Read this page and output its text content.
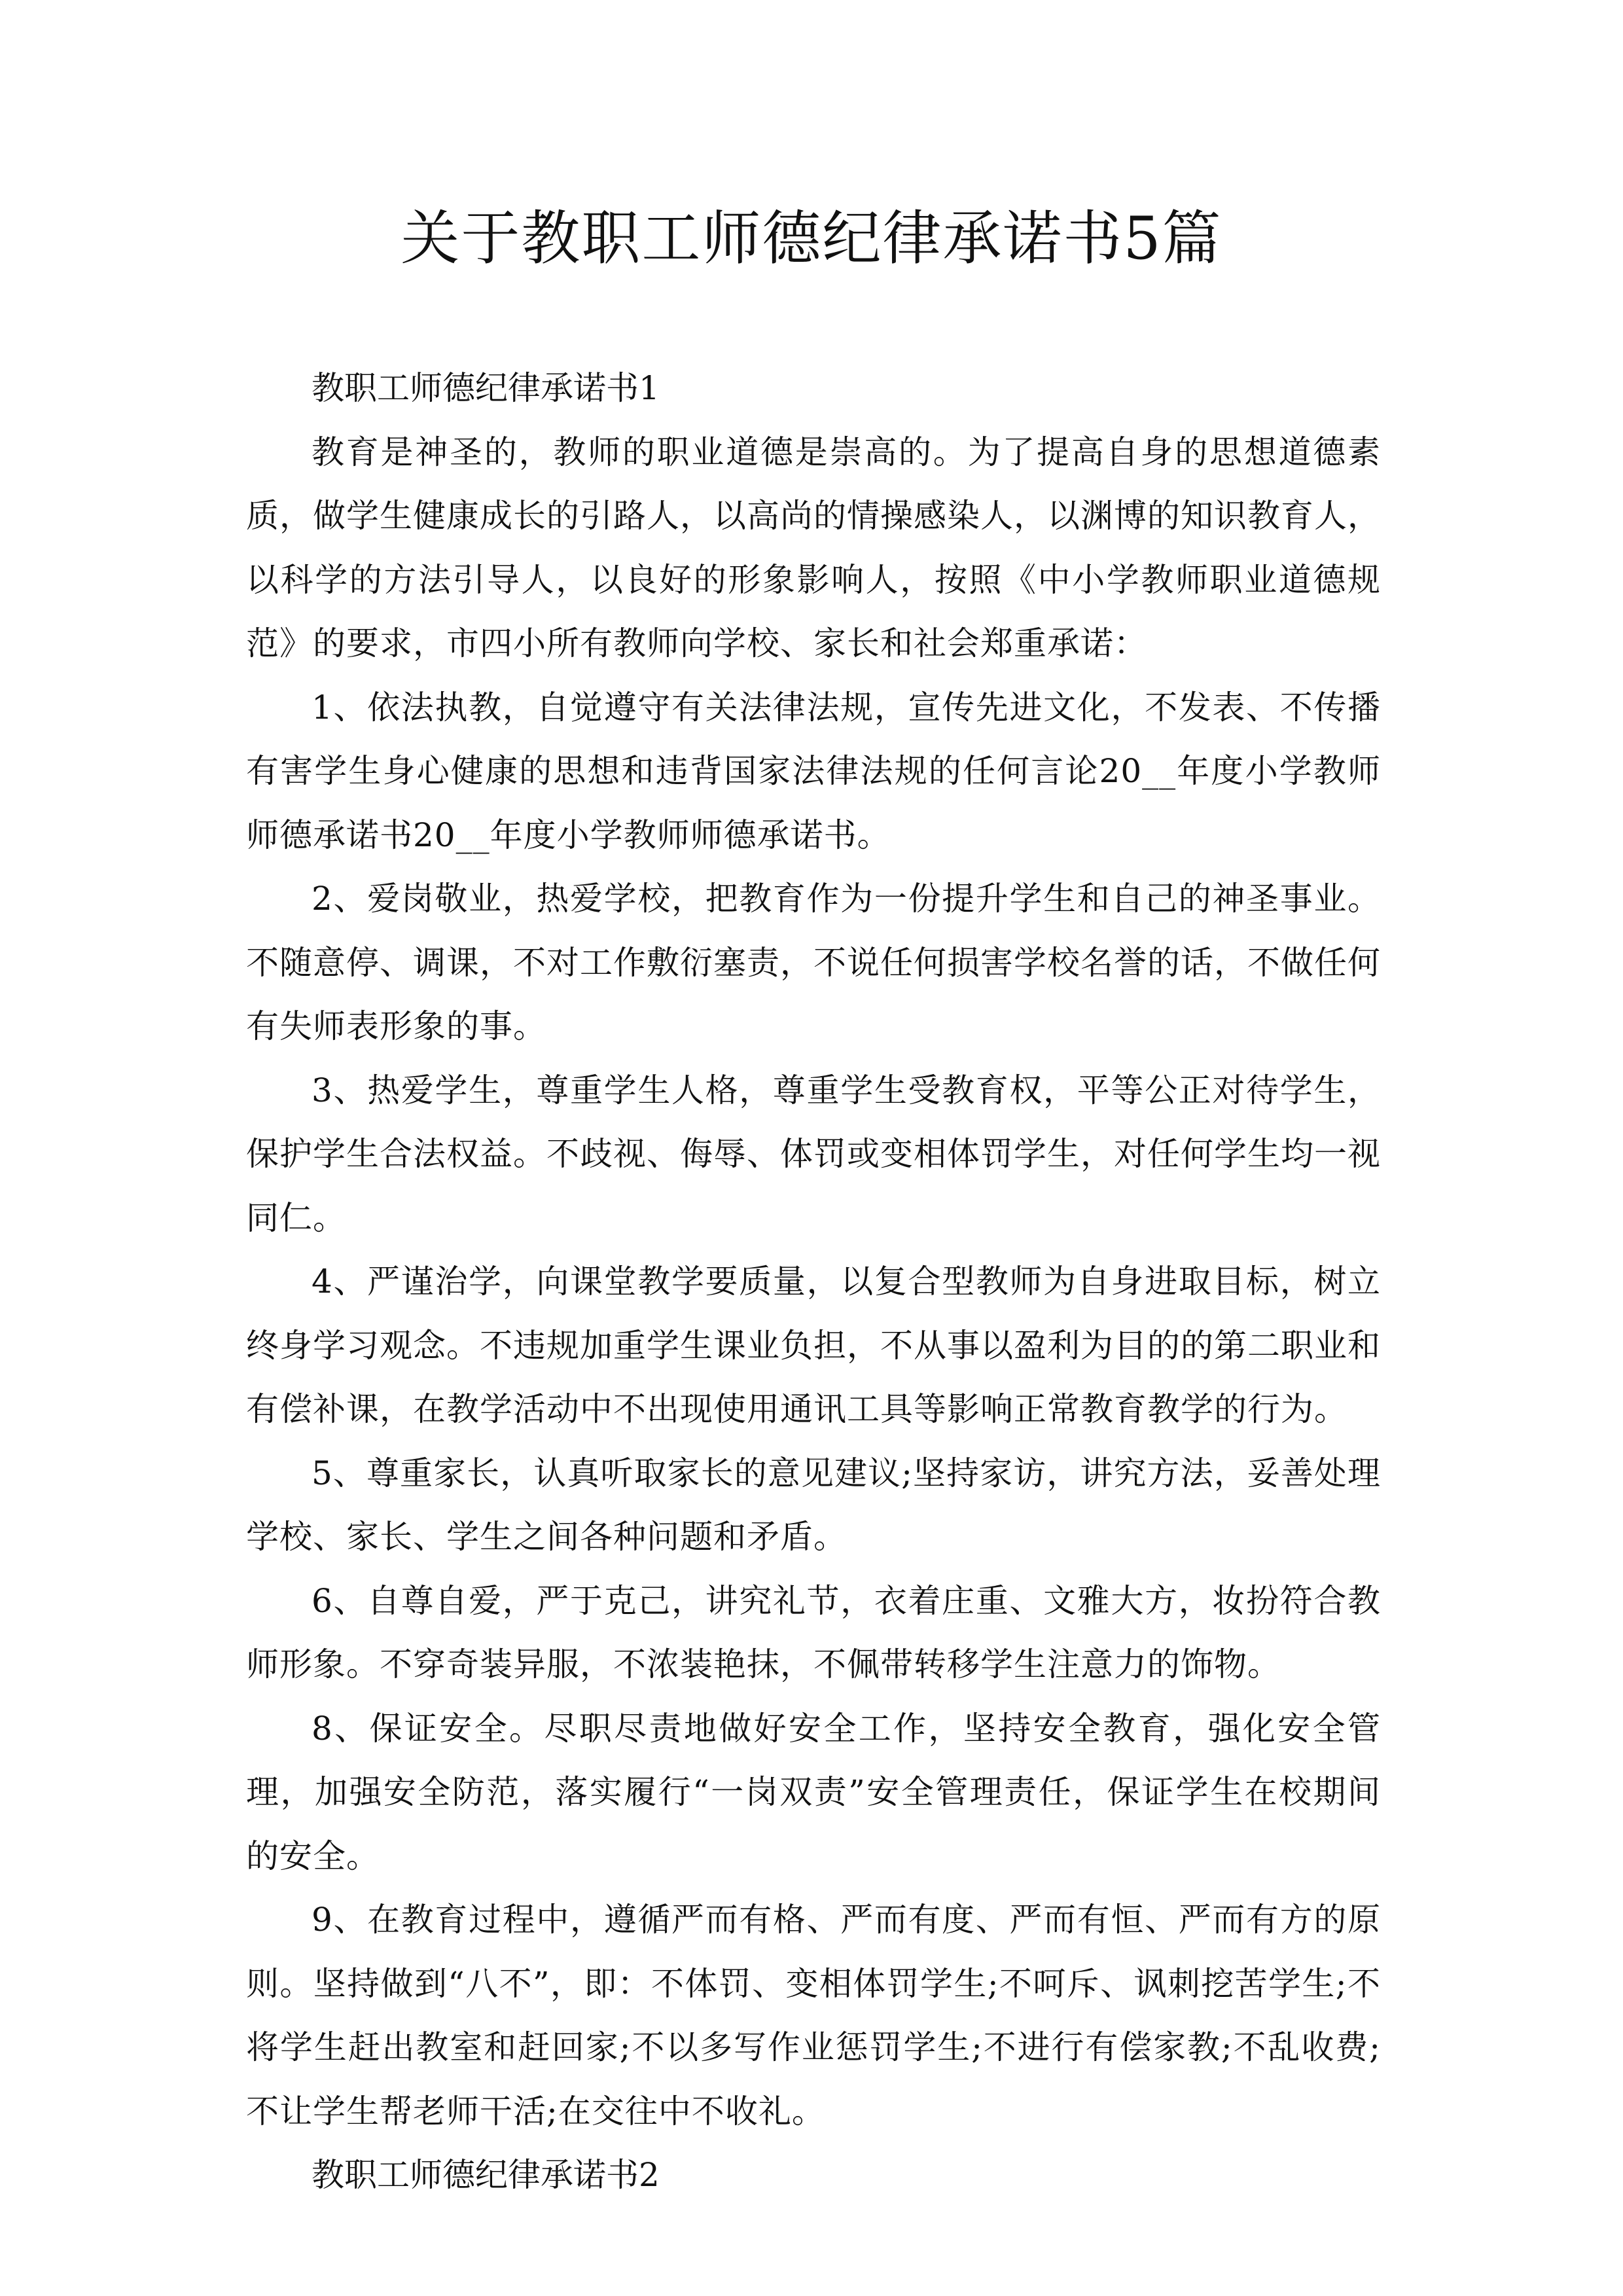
关于教职工师德纪律承诺书5篇

教职工师德纪律承诺书1

教育是神圣的，教师的职业道德是崇高的。为了提高自身的思想道德素质，做学生健康成长的引路人，以高尚的情操感染人，以渊博的知识教育人，以科学的方法引导人，以良好的形象影响人，按照《中小学教师职业道德规范》的要求，市四小所有教师向学校、家长和社会郑重承诺：

1、依法执教，自觉遵守有关法律法规，宣传先进文化，不发表、不传播有害学生身心健康的思想和违背国家法律法规的任何言论20__年度小学教师师德承诺书20__年度小学教师师德承诺书。

2、爱岗敬业，热爱学校，把教育作为一份提升学生和自己的神圣事业。不随意停、调课，不对工作敷衍塞责，不说任何损害学校名誉的话，不做任何有失师表形象的事。

3、热爱学生，尊重学生人格，尊重学生受教育权，平等公正对待学生，保护学生合法权益。不歧视、侮辱、体罚或变相体罚学生，对任何学生均一视同仁。

4、严谨治学，向课堂教学要质量，以复合型教师为自身进取目标，树立终身学习观念。不违规加重学生课业负担，不从事以盈利为目的的第二职业和有偿补课，在教学活动中不出现使用通讯工具等影响正常教育教学的行为。

5、尊重家长，认真听取家长的意见建议;坚持家访，讲究方法，妥善处理学校、家长、学生之间各种问题和矛盾。

6、自尊自爱，严于克己，讲究礼节，衣着庄重、文雅大方，妆扮符合教师形象。不穿奇装异服，不浓装艳抹，不佩带转移学生注意力的饰物。

8、保证安全。尽职尽责地做好安全工作，坚持安全教育，强化安全管理，加强安全防范，落实履行“一岗双责”安全管理责任，保证学生在校期间的安全。

9、在教育过程中，遵循严而有格、严而有度、严而有恒、严而有方的原则。坚持做到“八不”，即：不体罚、变相体罚学生;不呵斥、讽刺挖苦学生;不将学生赶出教室和赶回家;不以多写作业惩罚学生;不进行有偿家教;不乱收费;不让学生帮老师干活;在交往中不收礼。

教职工师德纪律承诺书2
